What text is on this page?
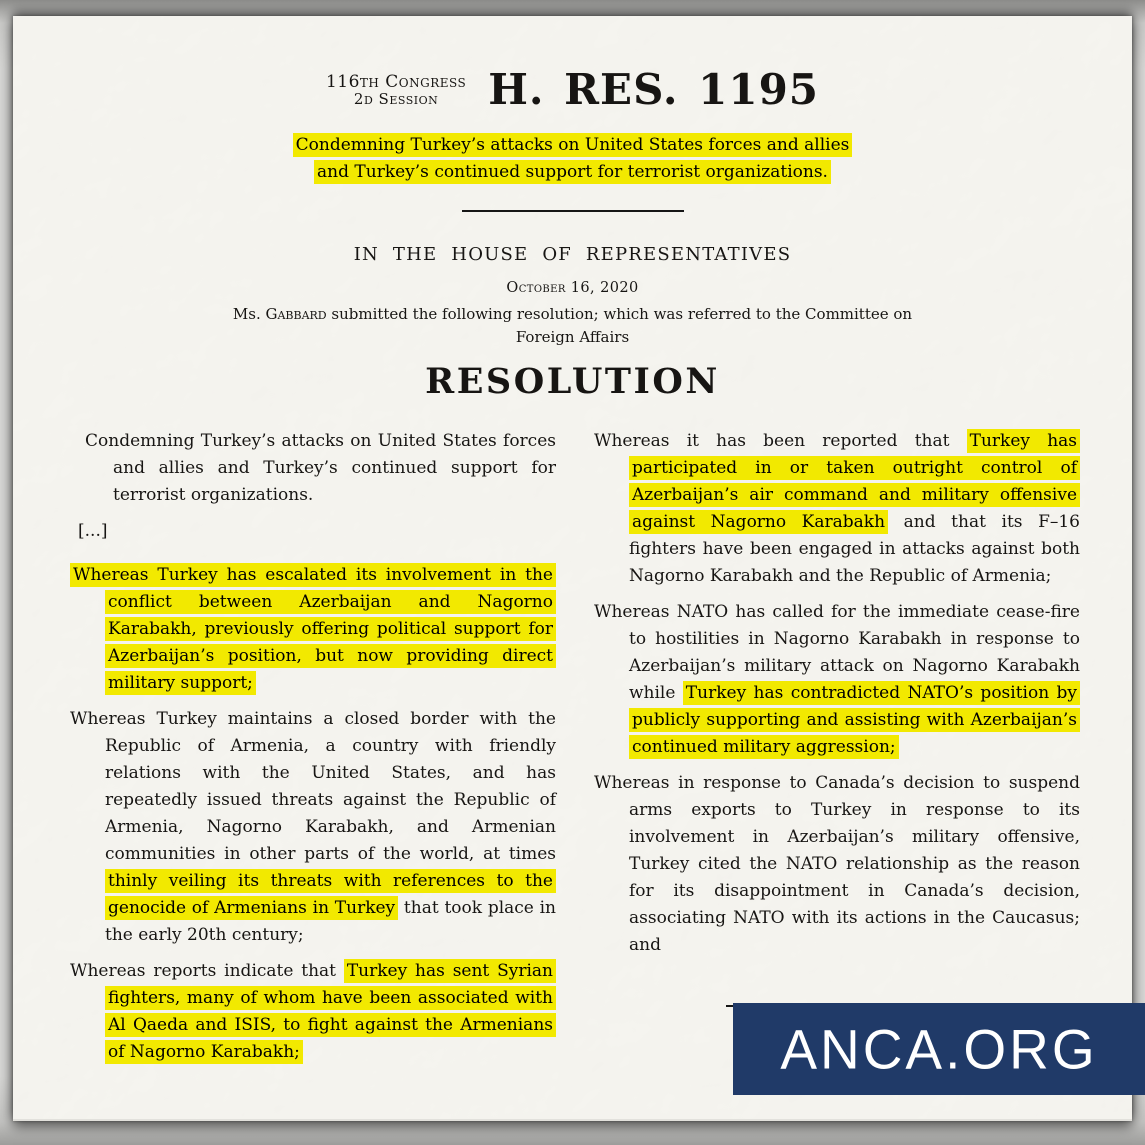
116th Congress
2d Session	H. RES. 1195
Condemning Turkey’s attacks on United States forces and allies and Turkey’s continued support for terrorist organizations.
IN THE HOUSE OF REPRESENTATIVES
October 16, 2020
Ms. Gabbard submitted the following resolution; which was referred to the Committee on Foreign Affairs
RESOLUTION

Condemning Turkey’s attacks on United States forces and allies and Turkey’s continued support for terrorist organizations.

[...]

Whereas Turkey has escalated its involvement in the conflict between Azerbaijan and Nagorno Karabakh, previously offering political support for Azerbaijan’s position, but now providing direct military support;

Whereas Turkey maintains a closed border with the Republic of Armenia, a country with friendly relations with the United States, and has repeatedly issued threats against the Republic of Armenia, Nagorno Karabakh, and Armenian communities in other parts of the world, at times thinly veiling its threats with references to the genocide of Armenians in Turkey that took place in the early 20th century;

Whereas reports indicate that Turkey has sent Syrian fighters, many of whom have been associated with Al Qaeda and ISIS, to fight against the Armenians of Nagorno Karabakh;

Whereas it has been reported that Turkey has participated in or taken outright control of Azerbaijan’s air command and military offensive against Nagorno Karabakh and that its F–16 fighters have been engaged in attacks against both Nagorno Karabakh and the Republic of Armenia;

Whereas NATO has called for the immediate cease-fire to hostilities in Nagorno Karabakh in response to Azerbaijan’s military attack on Nagorno Karabakh while Turkey has contradicted NATO’s position by publicly supporting and assisting with Azerbaijan’s continued military aggression;

Whereas in response to Canada’s decision to suspend arms exports to Turkey in response to its involvement in Azerbaijan’s military offensive, Turkey cited the NATO relationship as the reason for its disappointment in Canada’s decision, associating NATO with its actions in the Caucasus; and

ANCA.ORG
